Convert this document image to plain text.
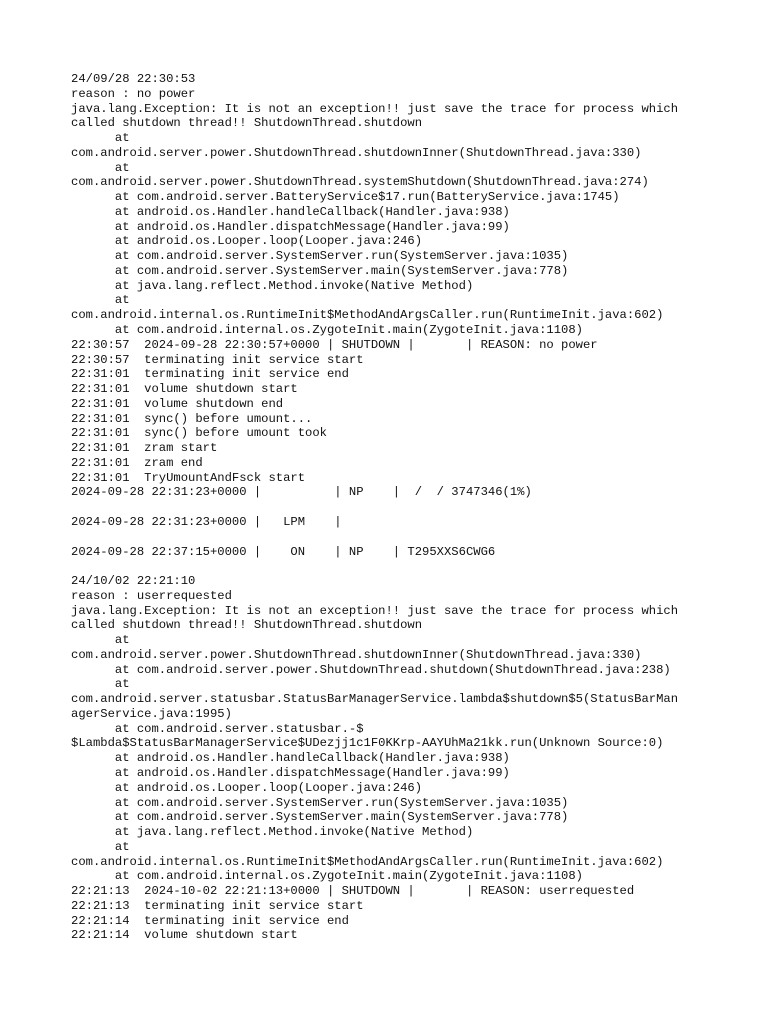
24/09/28 22:30:53
reason : no power
java.lang.Exception: It is not an exception!! just save the trace for process which
called shutdown thread!! ShutdownThread.shutdown
at
com.android.server.power.ShutdownThread.shutdownInner(ShutdownThread.java:330)
at
com.android.server.power.ShutdownThread.systemShutdown(ShutdownThread.java:274)
at com.android.server.BatteryService$17.run(BatteryService.java:1745)
at android.os.Handler.handleCallback(Handler.java:938)
at android.os.Handler.dispatchMessage(Handler.java:99)
at android.os.Looper.loop(Looper.java:246)
at com.android.server.SystemServer.run(SystemServer.java:1035)
at com.android.server.SystemServer.main(SystemServer.java:778)
at java.lang.reflect.Method.invoke(Native Method)
at
com.android.internal.os.RuntimeInit$MethodAndArgsCaller.run(RuntimeInit.java:602)
at com.android.internal.os.ZygoteInit.main(ZygoteInit.java:1108)
22:30:57  2024-09-28 22:30:57+0000 | SHUTDOWN |       | REASON: no power
22:30:57  terminating init service start
22:31:01  terminating init service end
22:31:01  volume shutdown start
22:31:01  volume shutdown end
22:31:01  sync() before umount...
22:31:01  sync() before umount took
22:31:01  zram start
22:31:01  zram end
22:31:01  TryUmountAndFsck start
2024-09-28 22:31:23+0000 |          | NP    |  /  / 3747346(1%)
2024-09-28 22:31:23+0000 |   LPM    |
2024-09-28 22:37:15+0000 |    ON    | NP    | T295XXS6CWG6
24/10/02 22:21:10
reason : userrequested
java.lang.Exception: It is not an exception!! just save the trace for process which
called shutdown thread!! ShutdownThread.shutdown
at
com.android.server.power.ShutdownThread.shutdownInner(ShutdownThread.java:330)
at com.android.server.power.ShutdownThread.shutdown(ShutdownThread.java:238)
at
com.android.server.statusbar.StatusBarManagerService.lambda$shutdown$5(StatusBarMan
agerService.java:1995)
at com.android.server.statusbar.-$
$Lambda$StatusBarManagerService$UDezjj1c1F0KKrp-AAYUhMa21kk.run(Unknown Source:0)
at android.os.Handler.handleCallback(Handler.java:938)
at android.os.Handler.dispatchMessage(Handler.java:99)
at android.os.Looper.loop(Looper.java:246)
at com.android.server.SystemServer.run(SystemServer.java:1035)
at com.android.server.SystemServer.main(SystemServer.java:778)
at java.lang.reflect.Method.invoke(Native Method)
at
com.android.internal.os.RuntimeInit$MethodAndArgsCaller.run(RuntimeInit.java:602)
at com.android.internal.os.ZygoteInit.main(ZygoteInit.java:1108)
22:21:13  2024-10-02 22:21:13+0000 | SHUTDOWN |       | REASON: userrequested
22:21:13  terminating init service start
22:21:14  terminating init service end
22:21:14  volume shutdown start
